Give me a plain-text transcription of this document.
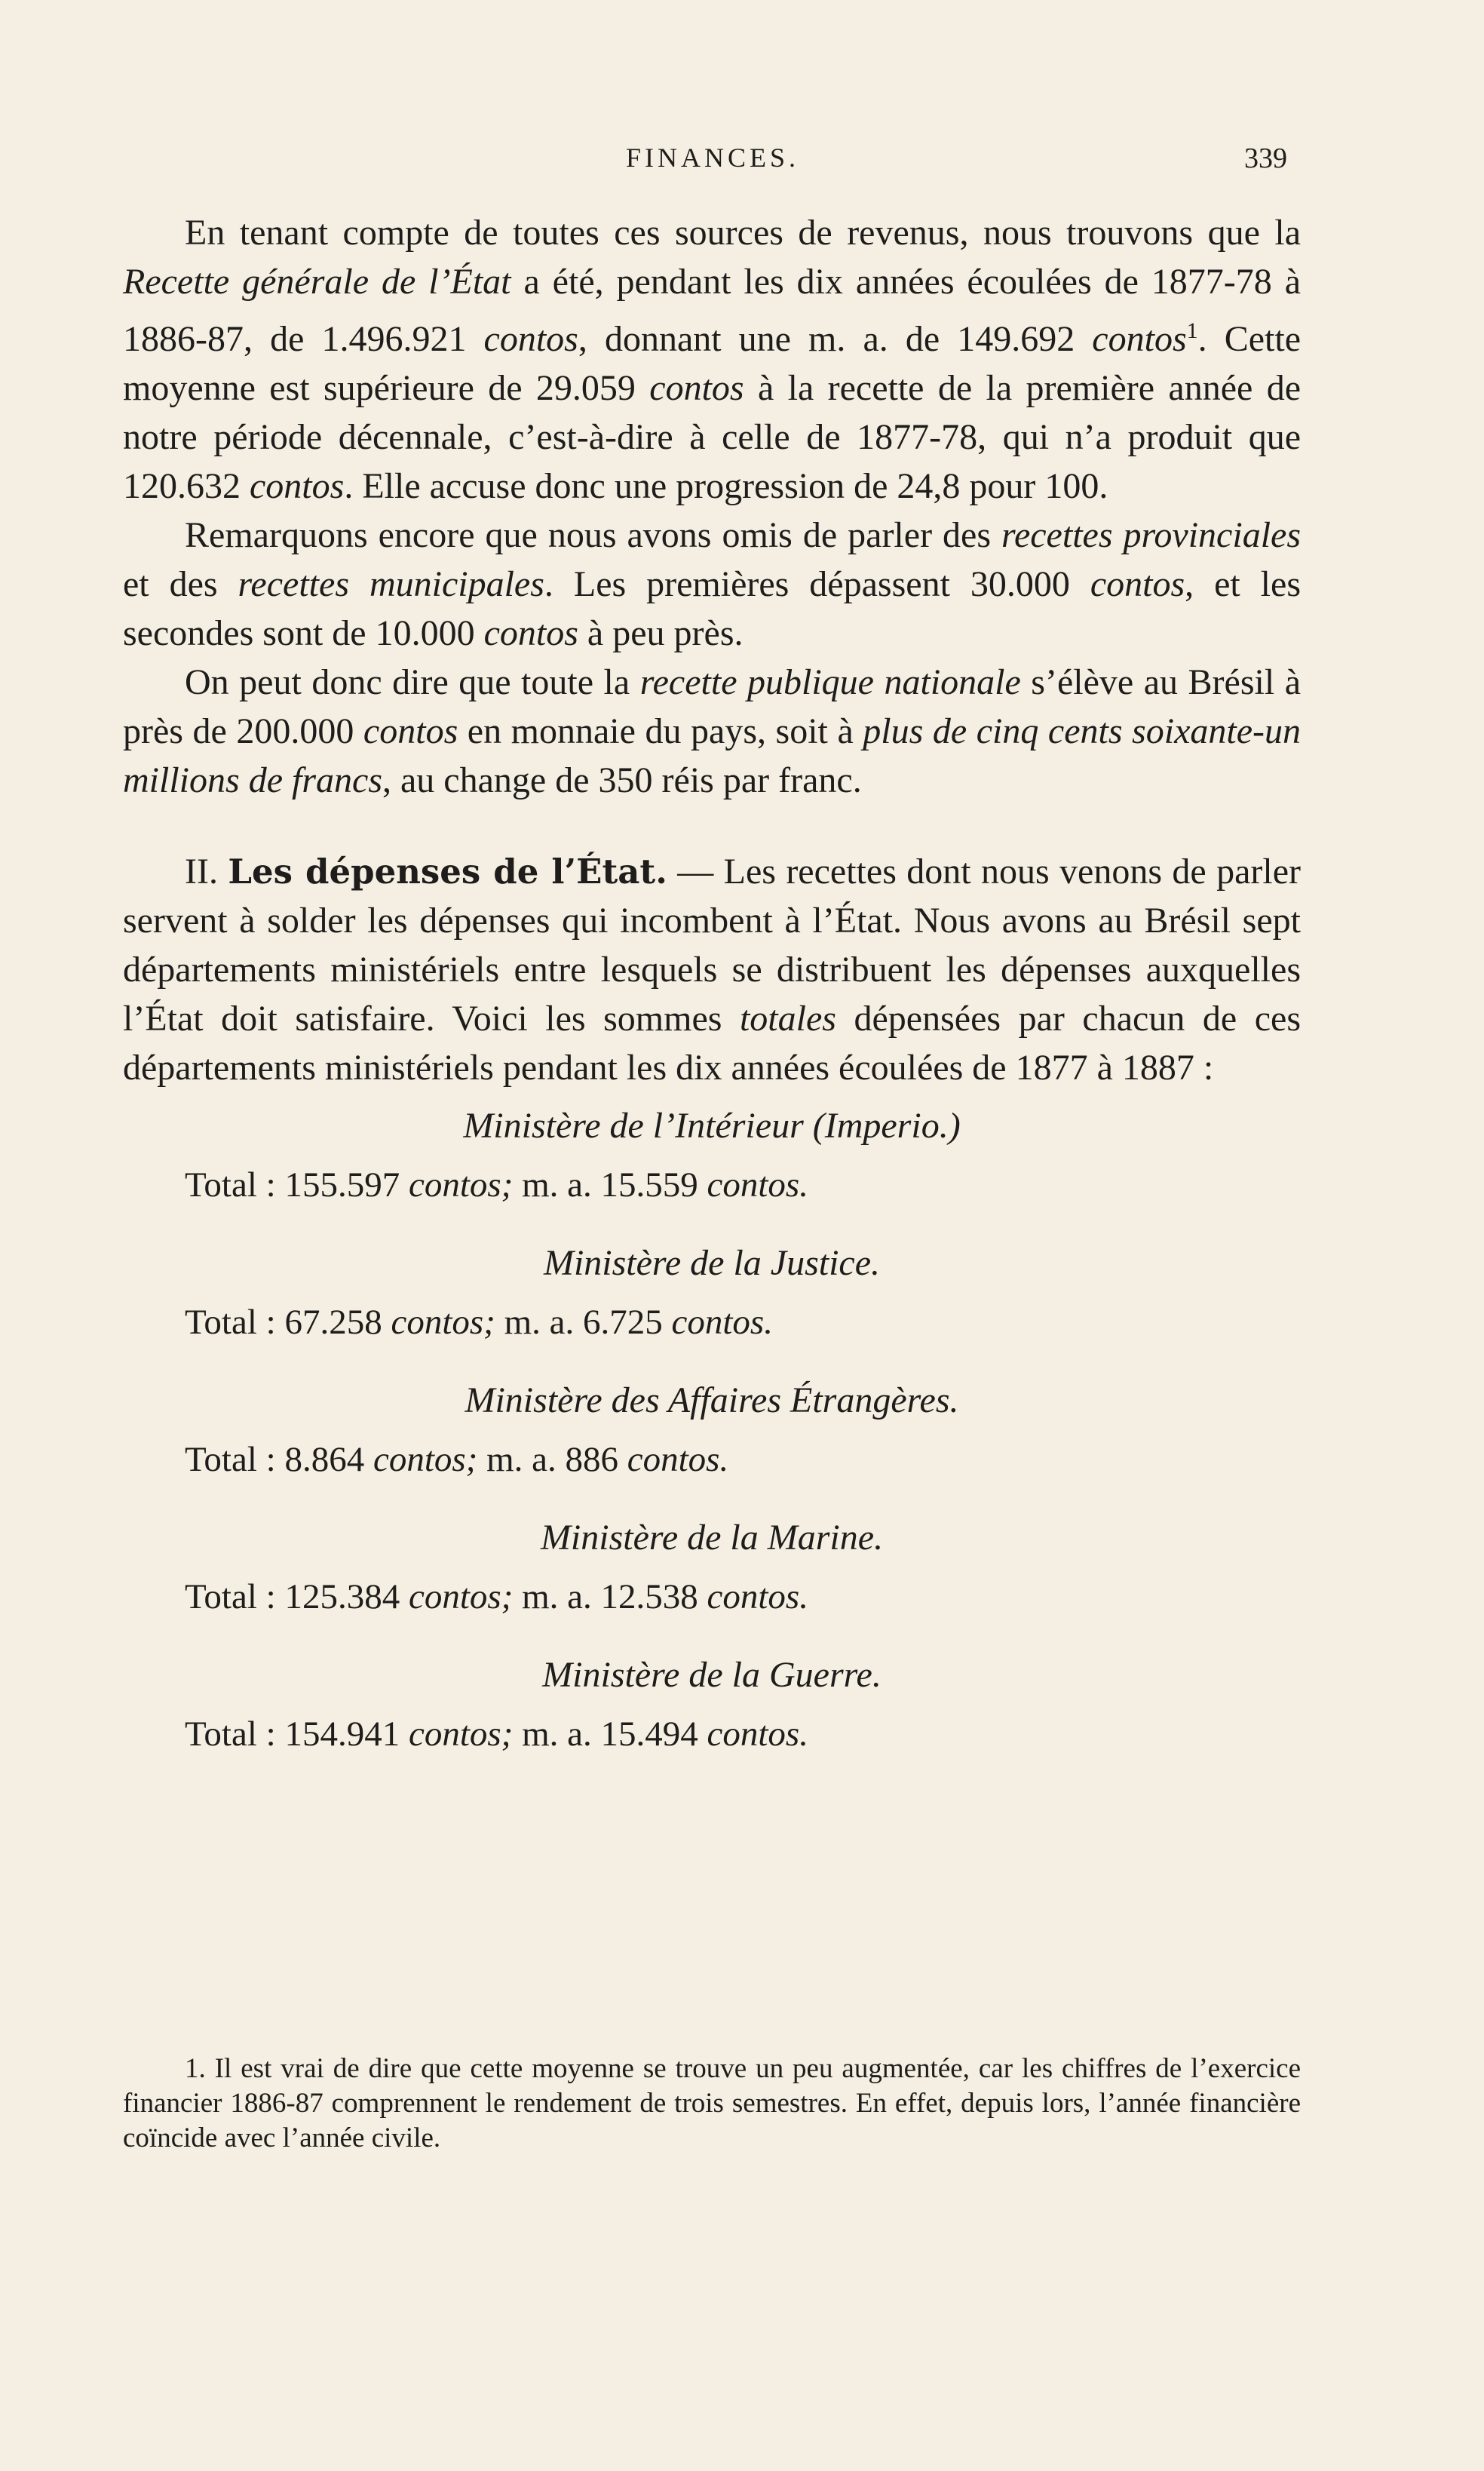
FINANCES.	339

En tenant compte de toutes ces sources de revenus, nous trouvons que la Recette générale de l’État a été, pendant les dix années écoulées de 1877-78 à 1886-87, de 1.496.921 contos, donnant une m. a. de 149.692 contos$^1$. Cette moyenne est supérieure de 29.059 contos à la recette de la première année de notre période décennale, c’est-à-dire à celle de 1877-78, qui n’a produit que 120.632 contos. Elle accuse donc une progression de 24,8 pour 100.

Remarquons encore que nous avons omis de parler des recettes provinciales et des recettes municipales. Les premières dépassent 30.000 contos, et les secondes sont de 10.000 contos à peu près.

On peut donc dire que toute la recette publique nationale s’élève au Brésil à près de 200.000 contos en monnaie du pays, soit à plus de cinq cents soixante-un millions de francs, au change de 350 réis par franc.

II. Les dépenses de l’État. — Les recettes dont nous venons de parler servent à solder les dépenses qui incombent à l’État. Nous avons au Brésil sept départements ministériels entre lesquels se distribuent les dépenses auxquelles l’État doit satisfaire. Voici les sommes totales dépensées par chacun de ces départements ministériels pendant les dix années écoulées de 1877 à 1887 :

Ministère de l’Intérieur (Imperio.)
Total : 155.597 contos; m. a. 15.559 contos.
Ministère de la Justice.
Total : 67.258 contos; m. a. 6.725 contos.
Ministère des Affaires Étrangères.
Total : 8.864 contos; m. a. 886 contos.
Ministère de la Marine.
Total : 125.384 contos; m. a. 12.538 contos.
Ministère de la Guerre.
Total : 154.941 contos; m. a. 15.494 contos.

1. Il est vrai de dire que cette moyenne se trouve un peu augmentée, car les chiffres de l’exercice financier 1886-87 comprennent le rendement de trois semestres. En effet, depuis lors, l’année financière coïncide avec l’année civile.
